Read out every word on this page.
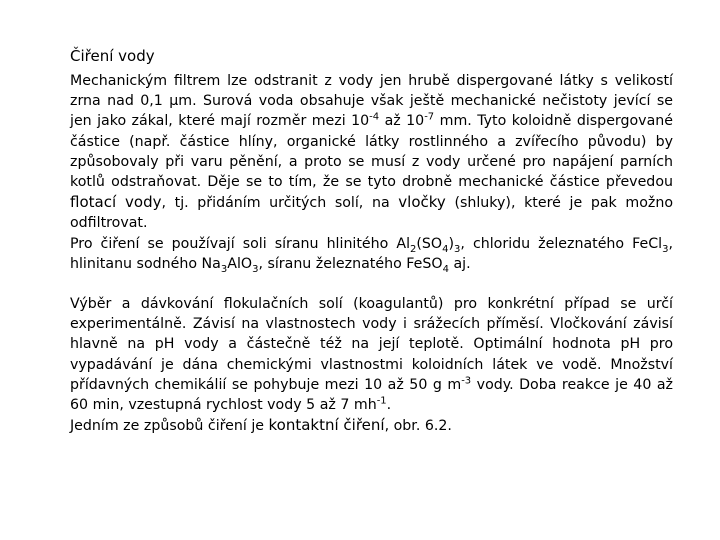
Čiření vody

Mechanickým filtrem lze odstranit z vody jen hrubě dispergované látky s velikostí zrna nad 0,1 μm. Surová voda obsahuje však ještě mechanické nečistoty jevící se jen jako zákal, které mají rozměr mezi $10^{-4}$ až $10^{-7}$ mm. Tyto koloidně dispergované částice (např. částice hlíny, organické látky rostlinného a zvířecího původu) by způsobovaly při varu pěnění, a proto se musí z vody určené pro napájení parních kotlů odstraňovat. Děje se to tím, že se tyto drobně mechanické částice převedou flotací vody, tj. přidáním určitých solí, na vločky (shluky), které je pak možno odfiltrovat.

Pro čiření se používají soli síranu hlinitého $Al_2(SO_4)_3$, chloridu železnatého FeCl$_3$, hlinitanu sodného $Na_3AlO_3$, síranu železnatého FeSO$_4$ aj.

Výběr a dávkování flokulačních solí (koagulantů) pro konkrétní případ se určí experimentálně. Závisí na vlastnostech vody i srážecích příměsí. Vločkování závisí hlavně na pH vody a částečně též na její teplotě. Optimální hodnota pH pro vypadávání je dána chemickými vlastnostmi koloidních látek ve vodě. Množství přídavných chemikálií se pohybuje mezi 10 až 50 g $m^{-3}$ vody. Doba reakce je 40 až 60 min, vzestupná rychlost vody 5 až 7 $mh^{-1}$.

Jedním ze způsobů čiření je kontaktní čiření, obr. 6.2.
